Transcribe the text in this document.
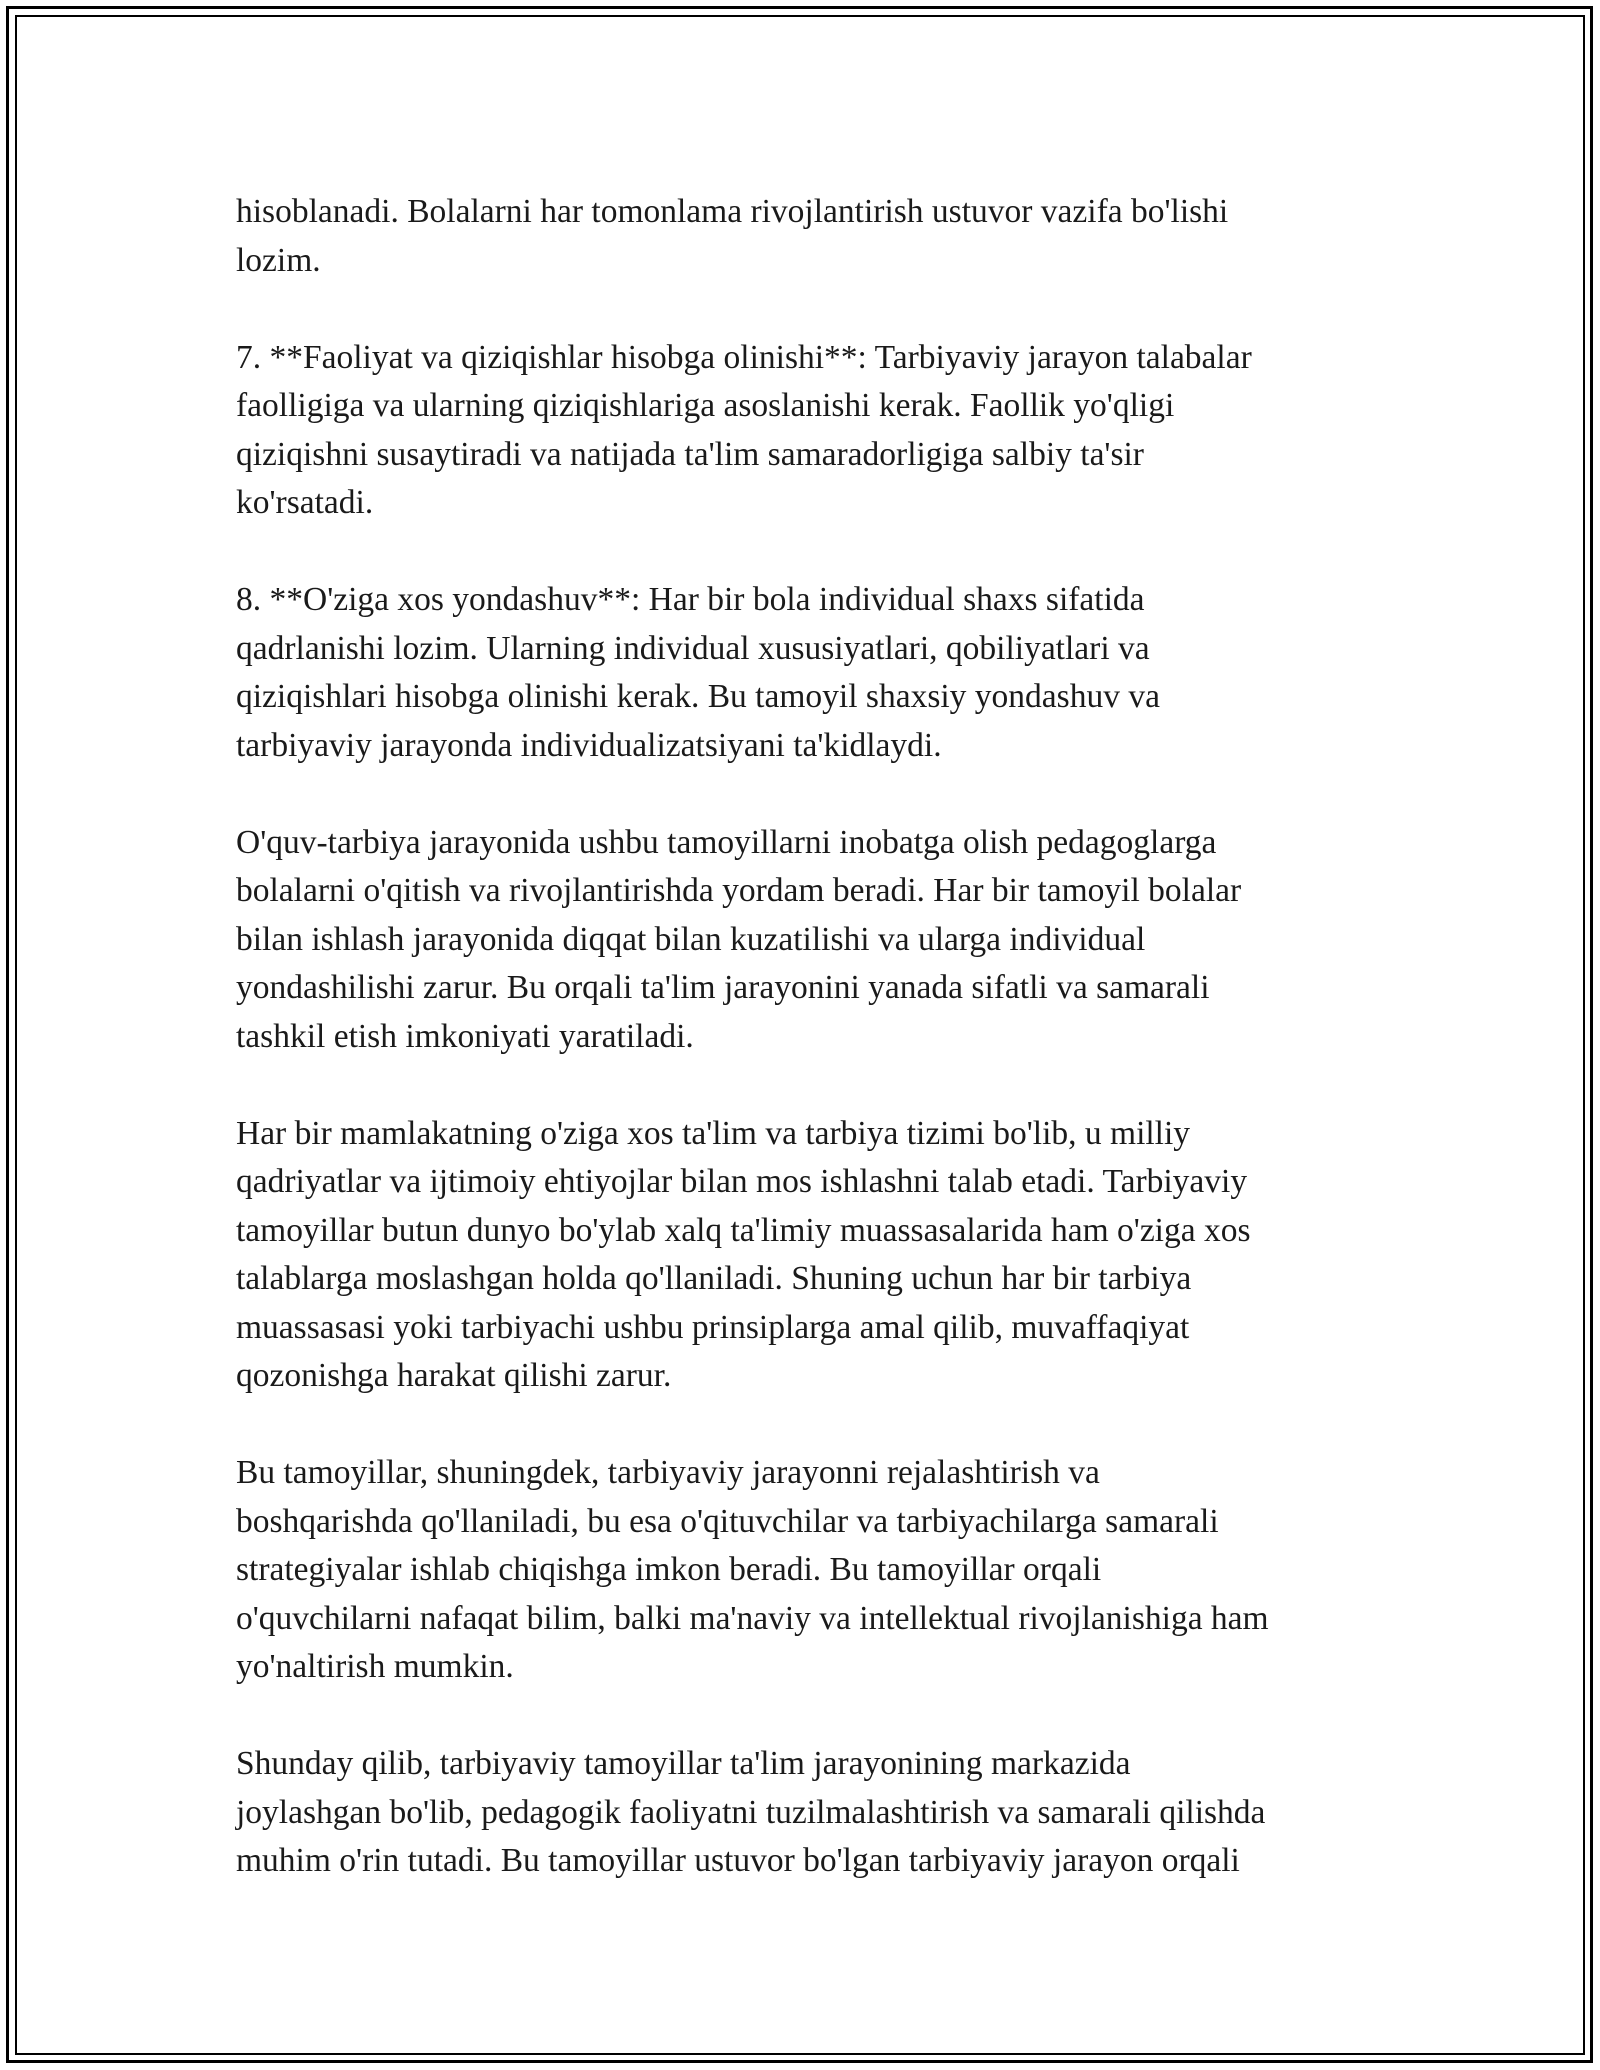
hisoblanadi. Bolalarni har tomonlama rivojlantirish ustuvor vazifa bo'lishi
lozim.

7. **Faoliyat va qiziqishlar hisobga olinishi**: Tarbiyaviy jarayon talabalar
faolligiga va ularning qiziqishlariga asoslanishi kerak. Faollik yo'qligi
qiziqishni susaytiradi va natijada ta'lim samaradorligiga salbiy ta'sir
ko'rsatadi.

8. **O'ziga xos yondashuv**: Har bir bola individual shaxs sifatida
qadrlanishi lozim. Ularning individual xususiyatlari, qobiliyatlari va
qiziqishlari hisobga olinishi kerak. Bu tamoyil shaxsiy yondashuv va
tarbiyaviy jarayonda individualizatsiyani ta'kidlaydi.

O'quv-tarbiya jarayonida ushbu tamoyillarni inobatga olish pedagoglarga
bolalarni o'qitish va rivojlantirishda yordam beradi. Har bir tamoyil bolalar
bilan ishlash jarayonida diqqat bilan kuzatilishi va ularga individual
yondashilishi zarur. Bu orqali ta'lim jarayonini yanada sifatli va samarali
tashkil etish imkoniyati yaratiladi.

Har bir mamlakatning o'ziga xos ta'lim va tarbiya tizimi bo'lib, u milliy
qadriyatlar va ijtimoiy ehtiyojlar bilan mos ishlashni talab etadi. Tarbiyaviy
tamoyillar butun dunyo bo'ylab xalq ta'limiy muassasalarida ham o'ziga xos
talablarga moslashgan holda qo'llaniladi. Shuning uchun har bir tarbiya
muassasasi yoki tarbiyachi ushbu prinsiplarga amal qilib, muvaffaqiyat
qozonishga harakat qilishi zarur.

Bu tamoyillar, shuningdek, tarbiyaviy jarayonni rejalashtirish va
boshqarishda qo'llaniladi, bu esa o'qituvchilar va tarbiyachilarga samarali
strategiyalar ishlab chiqishga imkon beradi. Bu tamoyillar orqali
o'quvchilarni nafaqat bilim, balki ma'naviy va intellektual rivojlanishiga ham
yo'naltirish mumkin.

Shunday qilib, tarbiyaviy tamoyillar ta'lim jarayonining markazida
joylashgan bo'lib, pedagogik faoliyatni tuzilmalashtirish va samarali qilishda
muhim o'rin tutadi. Bu tamoyillar ustuvor bo'lgan tarbiyaviy jarayon orqali
